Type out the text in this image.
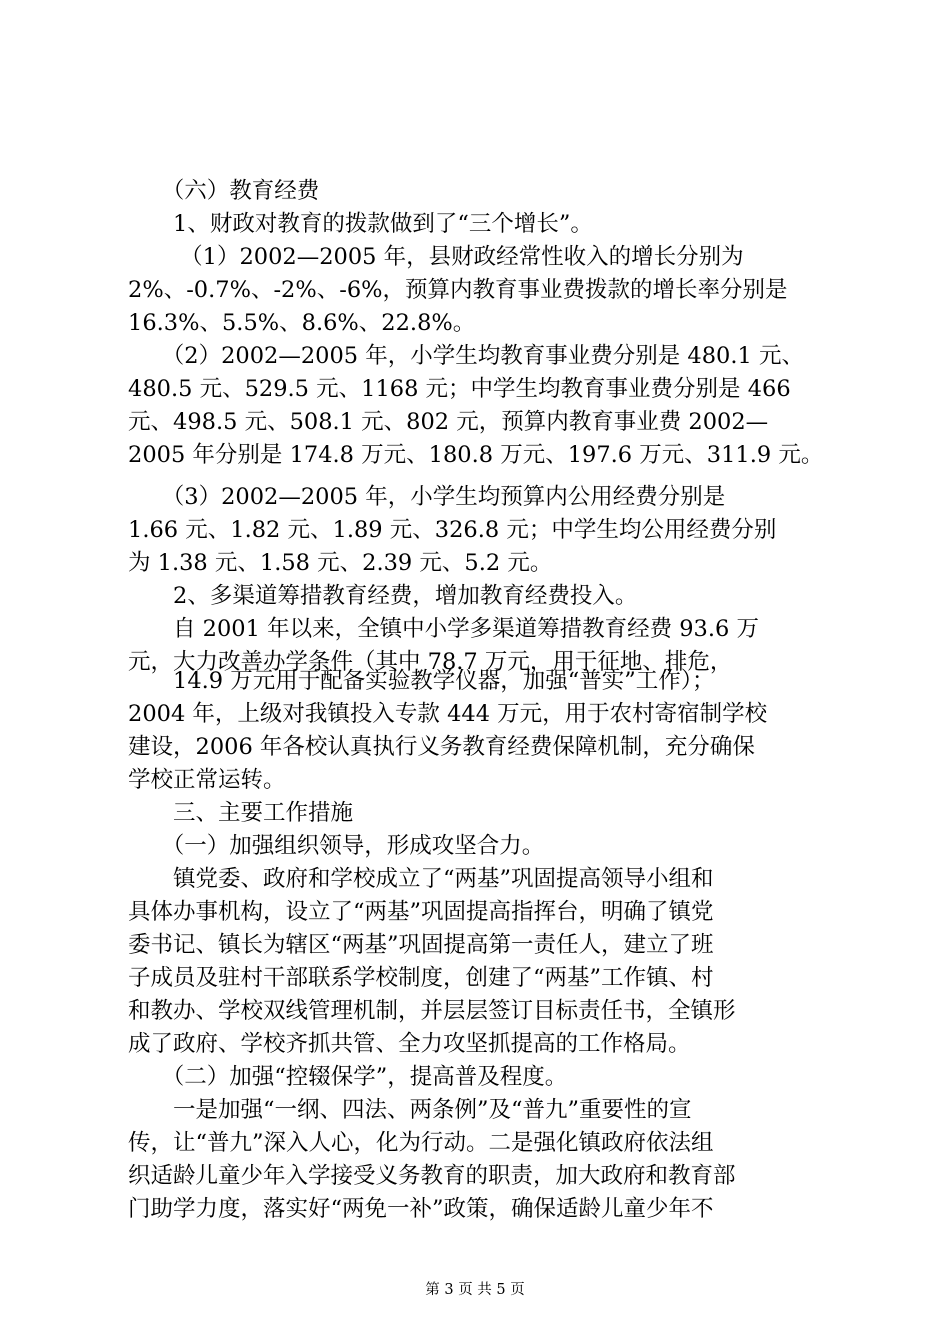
　　（六）教育经费
　　1、财政对教育的拨款做到了“三个增长”。
　　 （1）2002—2005 年，县财政经常性收入的增长分别为
2%、-0.7%、-2%、-6%，预算内教育事业费拨款的增长率分别是
16.3%、5.5%、8.6%、22.8%。
　　（2）2002—2005 年，小学生均教育事业费分别是 480.1 元、
480.5 元、529.5 元、1168 元；中学生均教育事业费分别是 466
元、498.5 元、508.1 元、802 元，预算内教育事业费 2002—
2005 年分别是 174.8 万元、180.8 万元、197.6 万元、311.9 元。
　　（3）2002—2005 年，小学生均预算内公用经费分别是
1.66 元、1.82 元、1.89 元、326.8 元；中学生均公用经费分别
为 1.38 元、1.58 元、2.39 元、5.2 元。
　　2、多渠道筹措教育经费，增加教育经费投入。
　　自 2001 年以来，全镇中小学多渠道筹措教育经费 93.6 万
元，大力改善办学条件（其中 78.7 万元，用于征地、排危，
　　14.9 万元用于配备实验教学仪器，加强“普实”工作）；
2004 年，上级对我镇投入专款 444 万元，用于农村寄宿制学校
建设，2006 年各校认真执行义务教育经费保障机制，充分确保
学校正常运转。
　　三、主要工作措施
　　（一）加强组织领导，形成攻坚合力。
　　镇党委、政府和学校成立了“两基”巩固提高领导小组和
具体办事机构，设立了“两基”巩固提高指挥台，明确了镇党
委书记、镇长为辖区“两基”巩固提高第一责任人，建立了班
子成员及驻村干部联系学校制度，创建了“两基”工作镇、村
和教办、学校双线管理机制，并层层签订目标责任书，全镇形
成了政府、学校齐抓共管、全力攻坚抓提高的工作格局。
　　（二）加强“控辍保学”，提高普及程度。
　　一是加强“一纲、四法、两条例”及“普九”重要性的宣
传，让“普九”深入人心，化为行动。二是强化镇政府依法组
织适龄儿童少年入学接受义务教育的职责，加大政府和教育部
门助学力度，落实好“两免一补”政策，确保适龄儿童少年不
第 3 页 共 5 页
